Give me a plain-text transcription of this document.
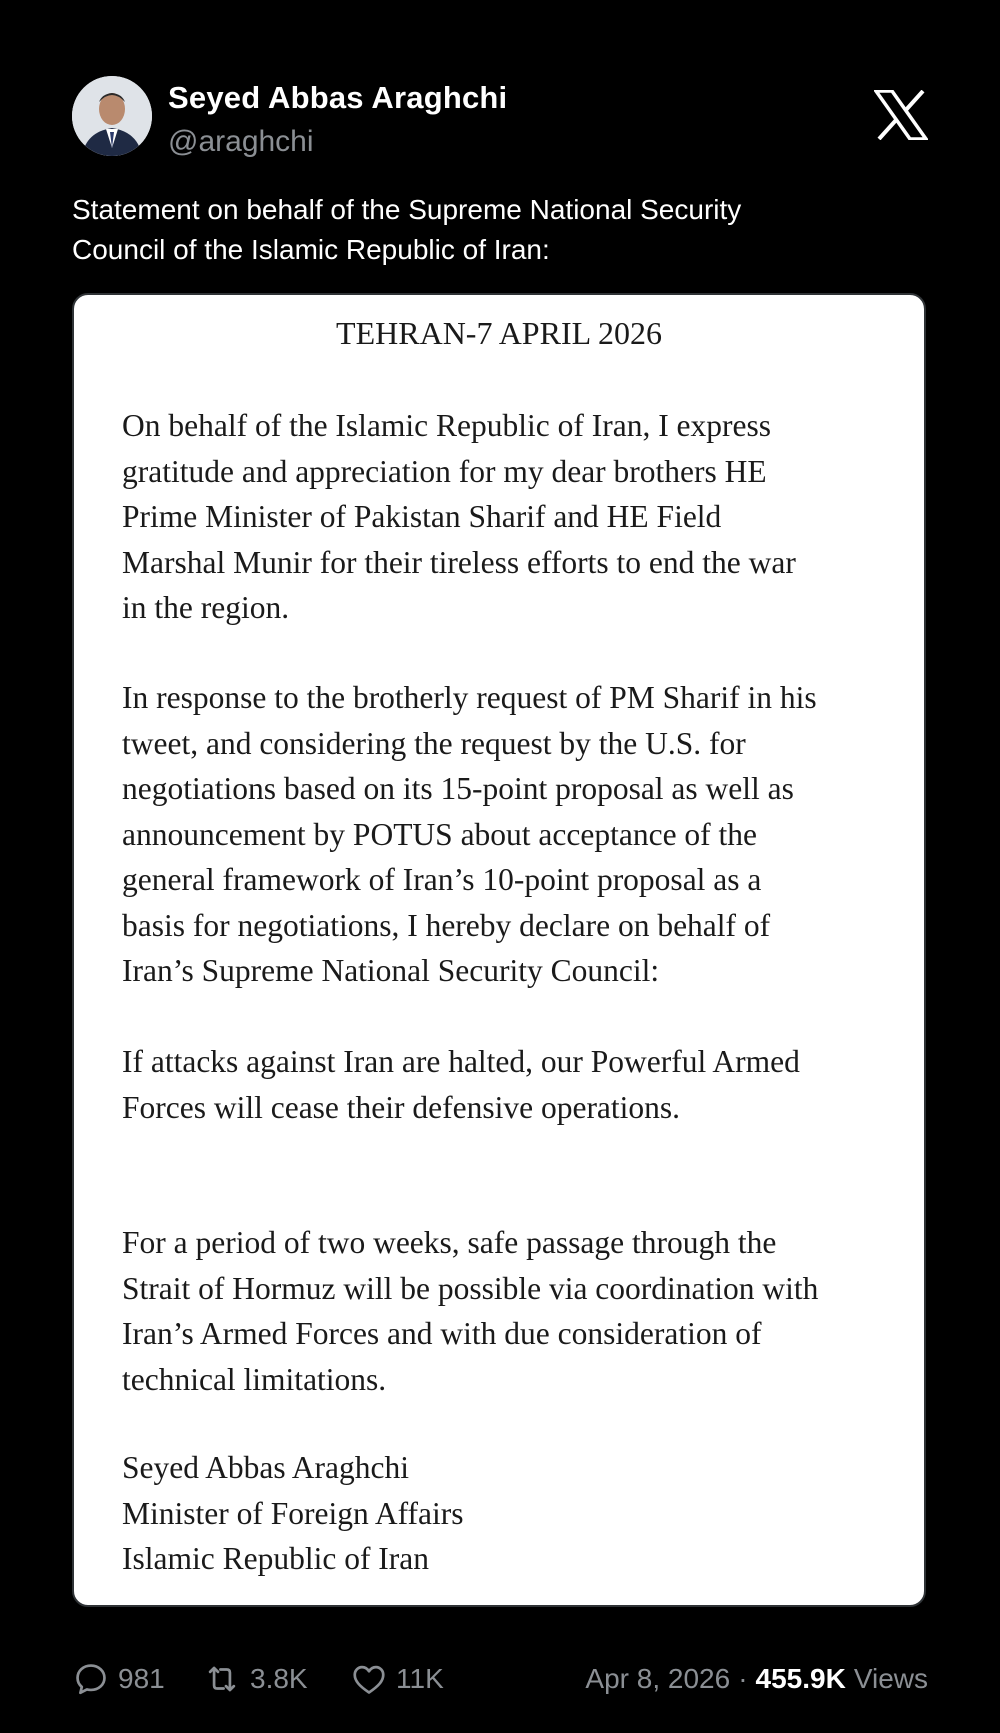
Seyed Abbas Araghchi
@araghchi
Statement on behalf of the Supreme National Security
Council of the Islamic Republic of Iran:
TEHRAN-7 APRIL 2026
On behalf of the Islamic Republic of Iran, I express
gratitude and appreciation for my dear brothers HE
Prime Minister of Pakistan Sharif and HE Field
Marshal Munir for their tireless efforts to end the war
in the region.
In response to the brotherly request of PM Sharif in his
tweet, and considering the request by the U.S. for
negotiations based on its 15-point proposal as well as
announcement by POTUS about acceptance of the
general framework of Iran’s 10-point proposal as a
basis for negotiations, I hereby declare on behalf of
Iran’s Supreme National Security Council:
If attacks against Iran are halted, our Powerful Armed
Forces will cease their defensive operations.
For a period of two weeks, safe passage through the
Strait of Hormuz will be possible via coordination with
Iran’s Armed Forces and with due consideration of
technical limitations.
Seyed Abbas Araghchi
Minister of Foreign Affairs
Islamic Republic of Iran
981	3.8K	11K	Apr 8, 2026 · 455.9K Views
